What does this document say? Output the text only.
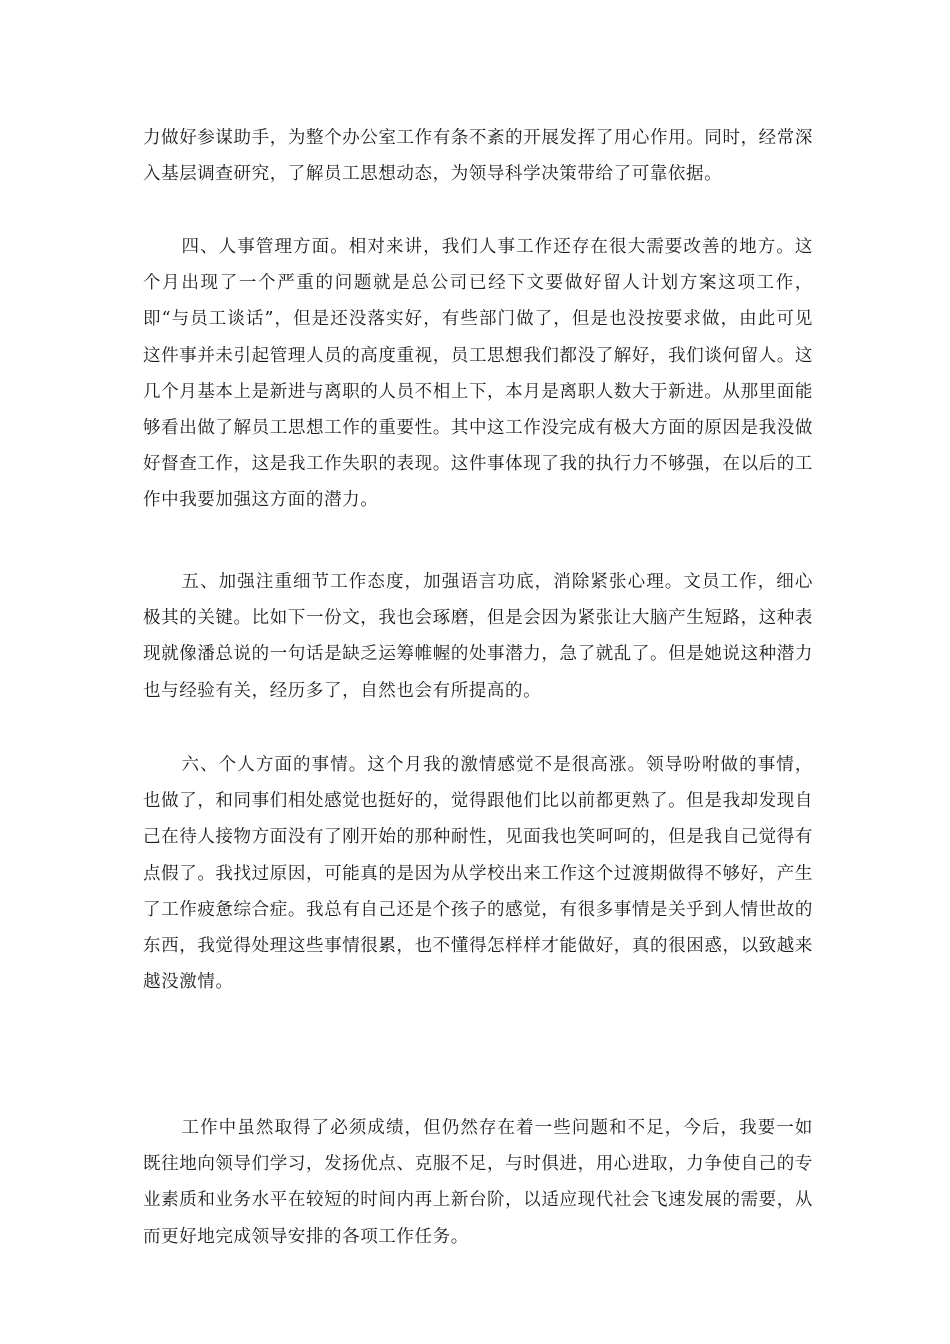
力做好参谋助手，为整个办公室工作有条不紊的开展发挥了用心作用。同时，经常深入基层调查研究，了解员工思想动态，为领导科学决策带给了可靠依据。

四、人事管理方面。相对来讲，我们人事工作还存在很大需要改善的地方。这个月出现了一个严重的问题就是总公司已经下文要做好留人计划方案这项工作，即“与员工谈话”，但是还没落实好，有些部门做了，但是也没按要求做，由此可见这件事并未引起管理人员的高度重视，员工思想我们都没了解好，我们谈何留人。这几个月基本上是新进与离职的人员不相上下，本月是离职人数大于新进。从那里面能够看出做了解员工思想工作的重要性。其中这工作没完成有极大方面的原因是我没做好督查工作，这是我工作失职的表现。这件事体现了我的执行力不够强，在以后的工作中我要加强这方面的潜力。

五、加强注重细节工作态度，加强语言功底，消除紧张心理。文员工作，细心极其的关键。比如下一份文，我也会琢磨，但是会因为紧张让大脑产生短路，这种表现就像潘总说的一句话是缺乏运筹帷幄的处事潜力，急了就乱了。但是她说这种潜力也与经验有关，经历多了，自然也会有所提高的。

六、个人方面的事情。这个月我的激情感觉不是很高涨。领导吩咐做的事情，也做了，和同事们相处感觉也挺好的，觉得跟他们比以前都更熟了。但是我却发现自己在待人接物方面没有了刚开始的那种耐性，见面我也笑呵呵的，但是我自己觉得有点假了。我找过原因，可能真的是因为从学校出来工作这个过渡期做得不够好，产生了工作疲惫综合症。我总有自己还是个孩子的感觉，有很多事情是关乎到人情世故的东西，我觉得处理这些事情很累，也不懂得怎样样才能做好，真的很困惑，以致越来越没激情。

工作中虽然取得了必须成绩，但仍然存在着一些问题和不足，今后，我要一如既往地向领导们学习，发扬优点、克服不足，与时俱进，用心进取，力争使自己的专业素质和业务水平在较短的时间内再上新台阶，以适应现代社会飞速发展的需要，从而更好地完成领导安排的各项工作任务。
